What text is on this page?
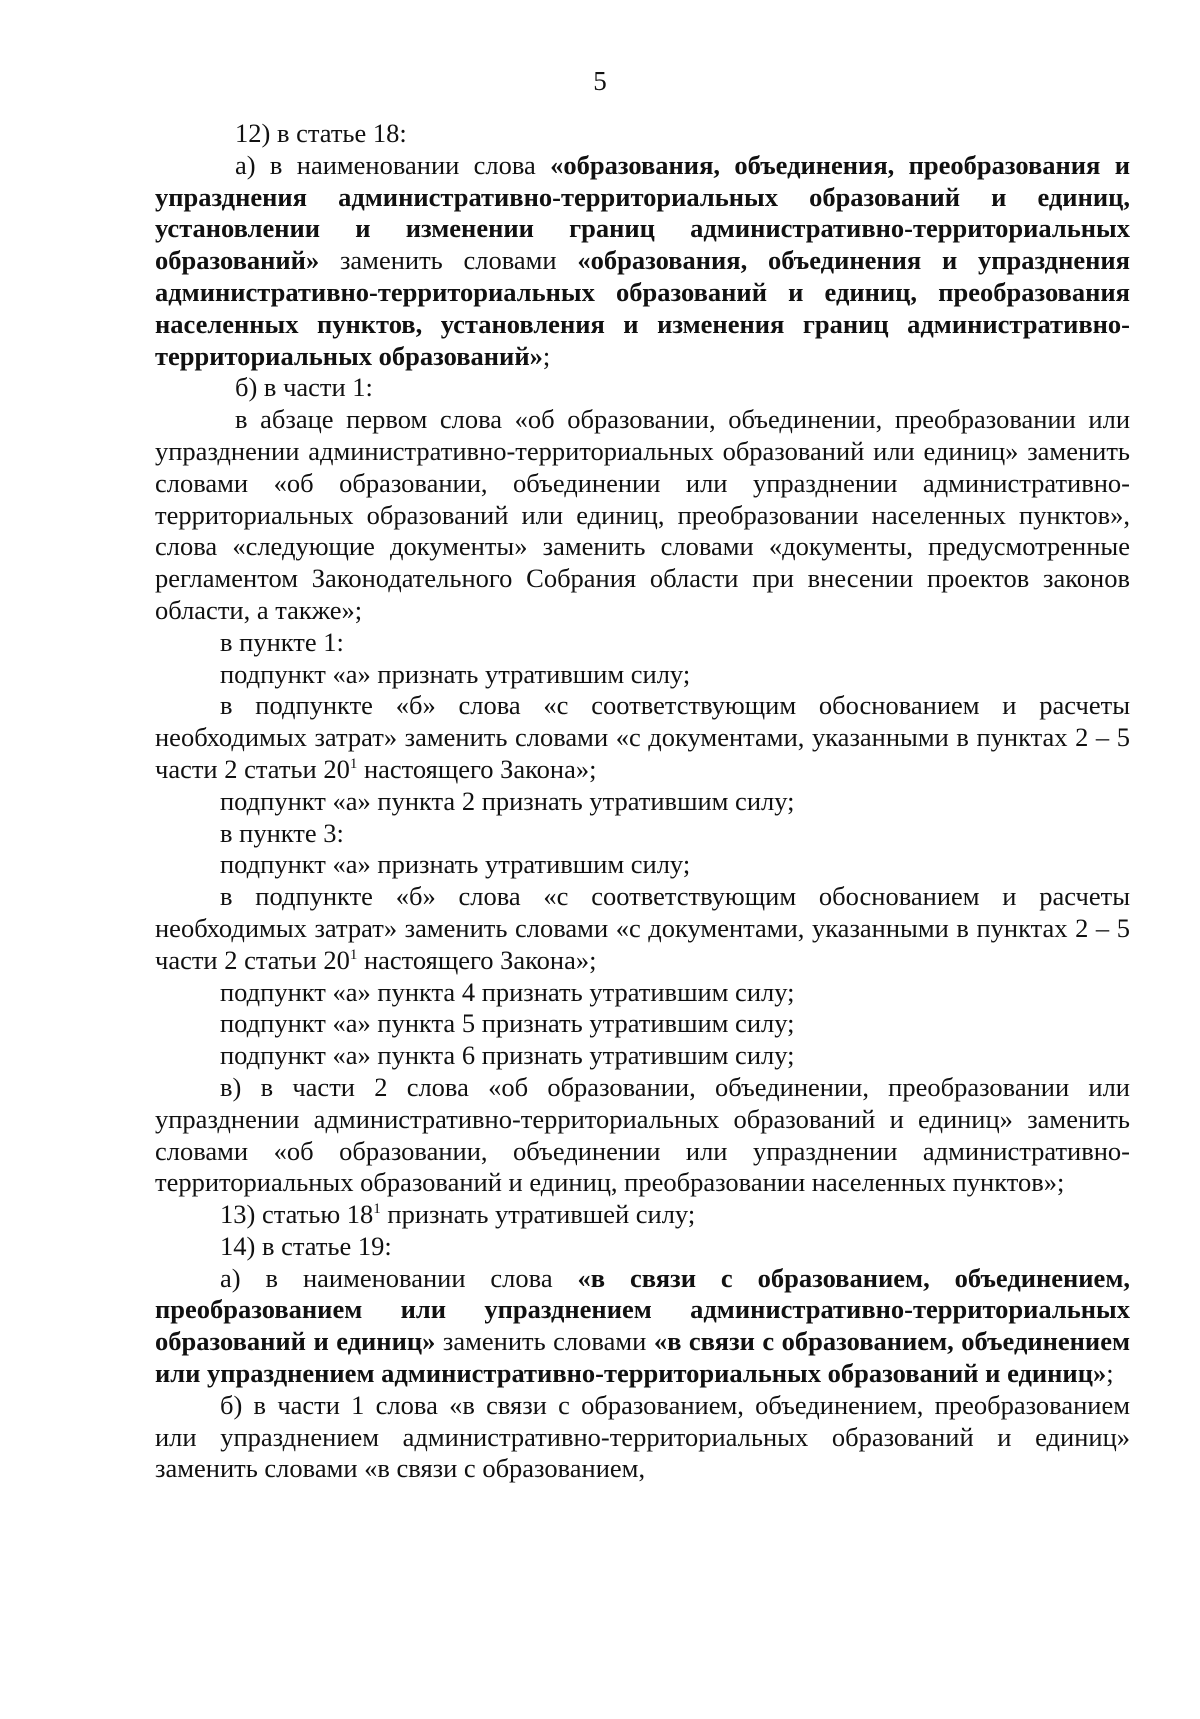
5

12) в статье 18:

а) в наименовании слова «образования, объединения, преобразования и упразднения административно-территориальных образований и единиц, установлении и изменении границ административно-территориальных образований» заменить словами «образования, объединения и упразднения административно-территориальных образований и единиц, преобразования населенных пунктов, установления и изменения границ административно-территориальных образований»;

б) в части 1:

в абзаце первом слова «об образовании, объединении, преобразовании или упразднении административно-территориальных образований или единиц» заменить словами «об образовании, объединении или упразднении административно-территориальных образований или единиц, преобразовании населенных пунктов», слова «следующие документы» заменить словами «документы, предусмотренные регламентом Законодательного Собрания области при внесении проектов законов области, а также»;

в пункте 1:

подпункт «а» признать утратившим силу;

в подпункте «б» слова «с соответствующим обоснованием и расчеты необходимых затрат» заменить словами «с документами, указанными в пунктах 2 – 5 части 2 статьи $20^1$ настоящего Закона»;

подпункт «а» пункта 2 признать утратившим силу;

в пункте 3:

подпункт «а» признать утратившим силу;

в подпункте «б» слова «с соответствующим обоснованием и расчеты необходимых затрат» заменить словами «с документами, указанными в пунктах 2 – 5 части 2 статьи $20^1$ настоящего Закона»;

подпункт «а» пункта 4 признать утратившим силу;

подпункт «а» пункта 5 признать утратившим силу;

подпункт «а» пункта 6 признать утратившим силу;

в) в части 2 слова «об образовании, объединении, преобразовании или упразднении административно-территориальных образований и единиц» заменить словами «об образовании, объединении или упразднении административно-территориальных образований и единиц, преобразовании населенных пунктов»;

13) статью $18^1$ признать утратившей силу;

14) в статье 19:

а) в наименовании слова «в связи с образованием, объединением, преобразованием или упразднением административно-территориальных образований и единиц» заменить словами «в связи с образованием, объединением или упразднением административно-территориальных образований и единиц»;

б) в части 1 слова «в связи с образованием, объединением, преобразованием или упразднением административно-территориальных образований и единиц» заменить словами «в связи с образованием,
